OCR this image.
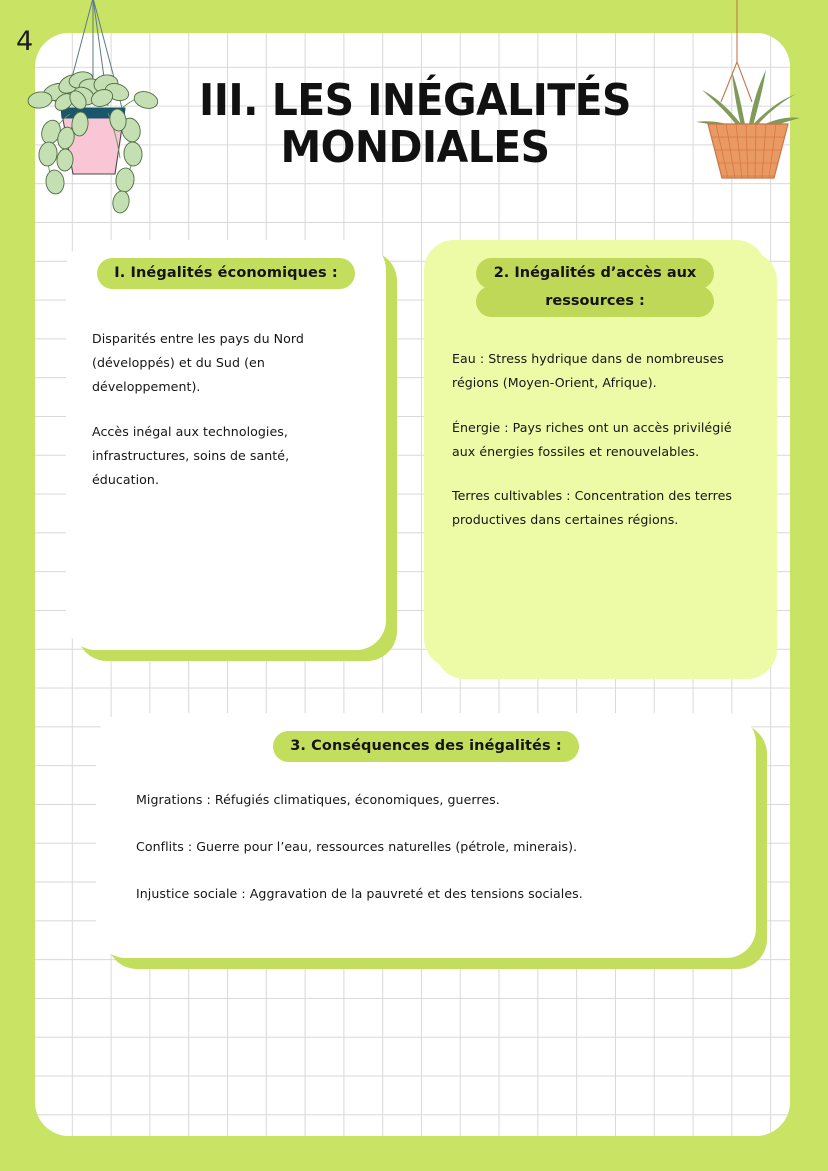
4
III. LES INÉGALITÉS
MONDIALES
I. Inégalités économiques :

Disparités entre les pays du Nord (développés) et du Sud (en développement).

Accès inégal aux technologies, infrastructures, soins de santé, éducation.

2. Inégalités d’accès aux
ressources :

Eau : Stress hydrique dans de nombreuses régions (Moyen-Orient, Afrique).

Énergie : Pays riches ont un accès privilégié aux énergies fossiles et renouvelables.

Terres cultivables : Concentration des terres productives dans certaines régions.

3. Conséquences des inégalités :

Migrations : Réfugiés climatiques, économiques, guerres.

Conflits : Guerre pour l’eau, ressources naturelles (pétrole, minerais).

Injustice sociale : Aggravation de la pauvreté et des tensions sociales.
